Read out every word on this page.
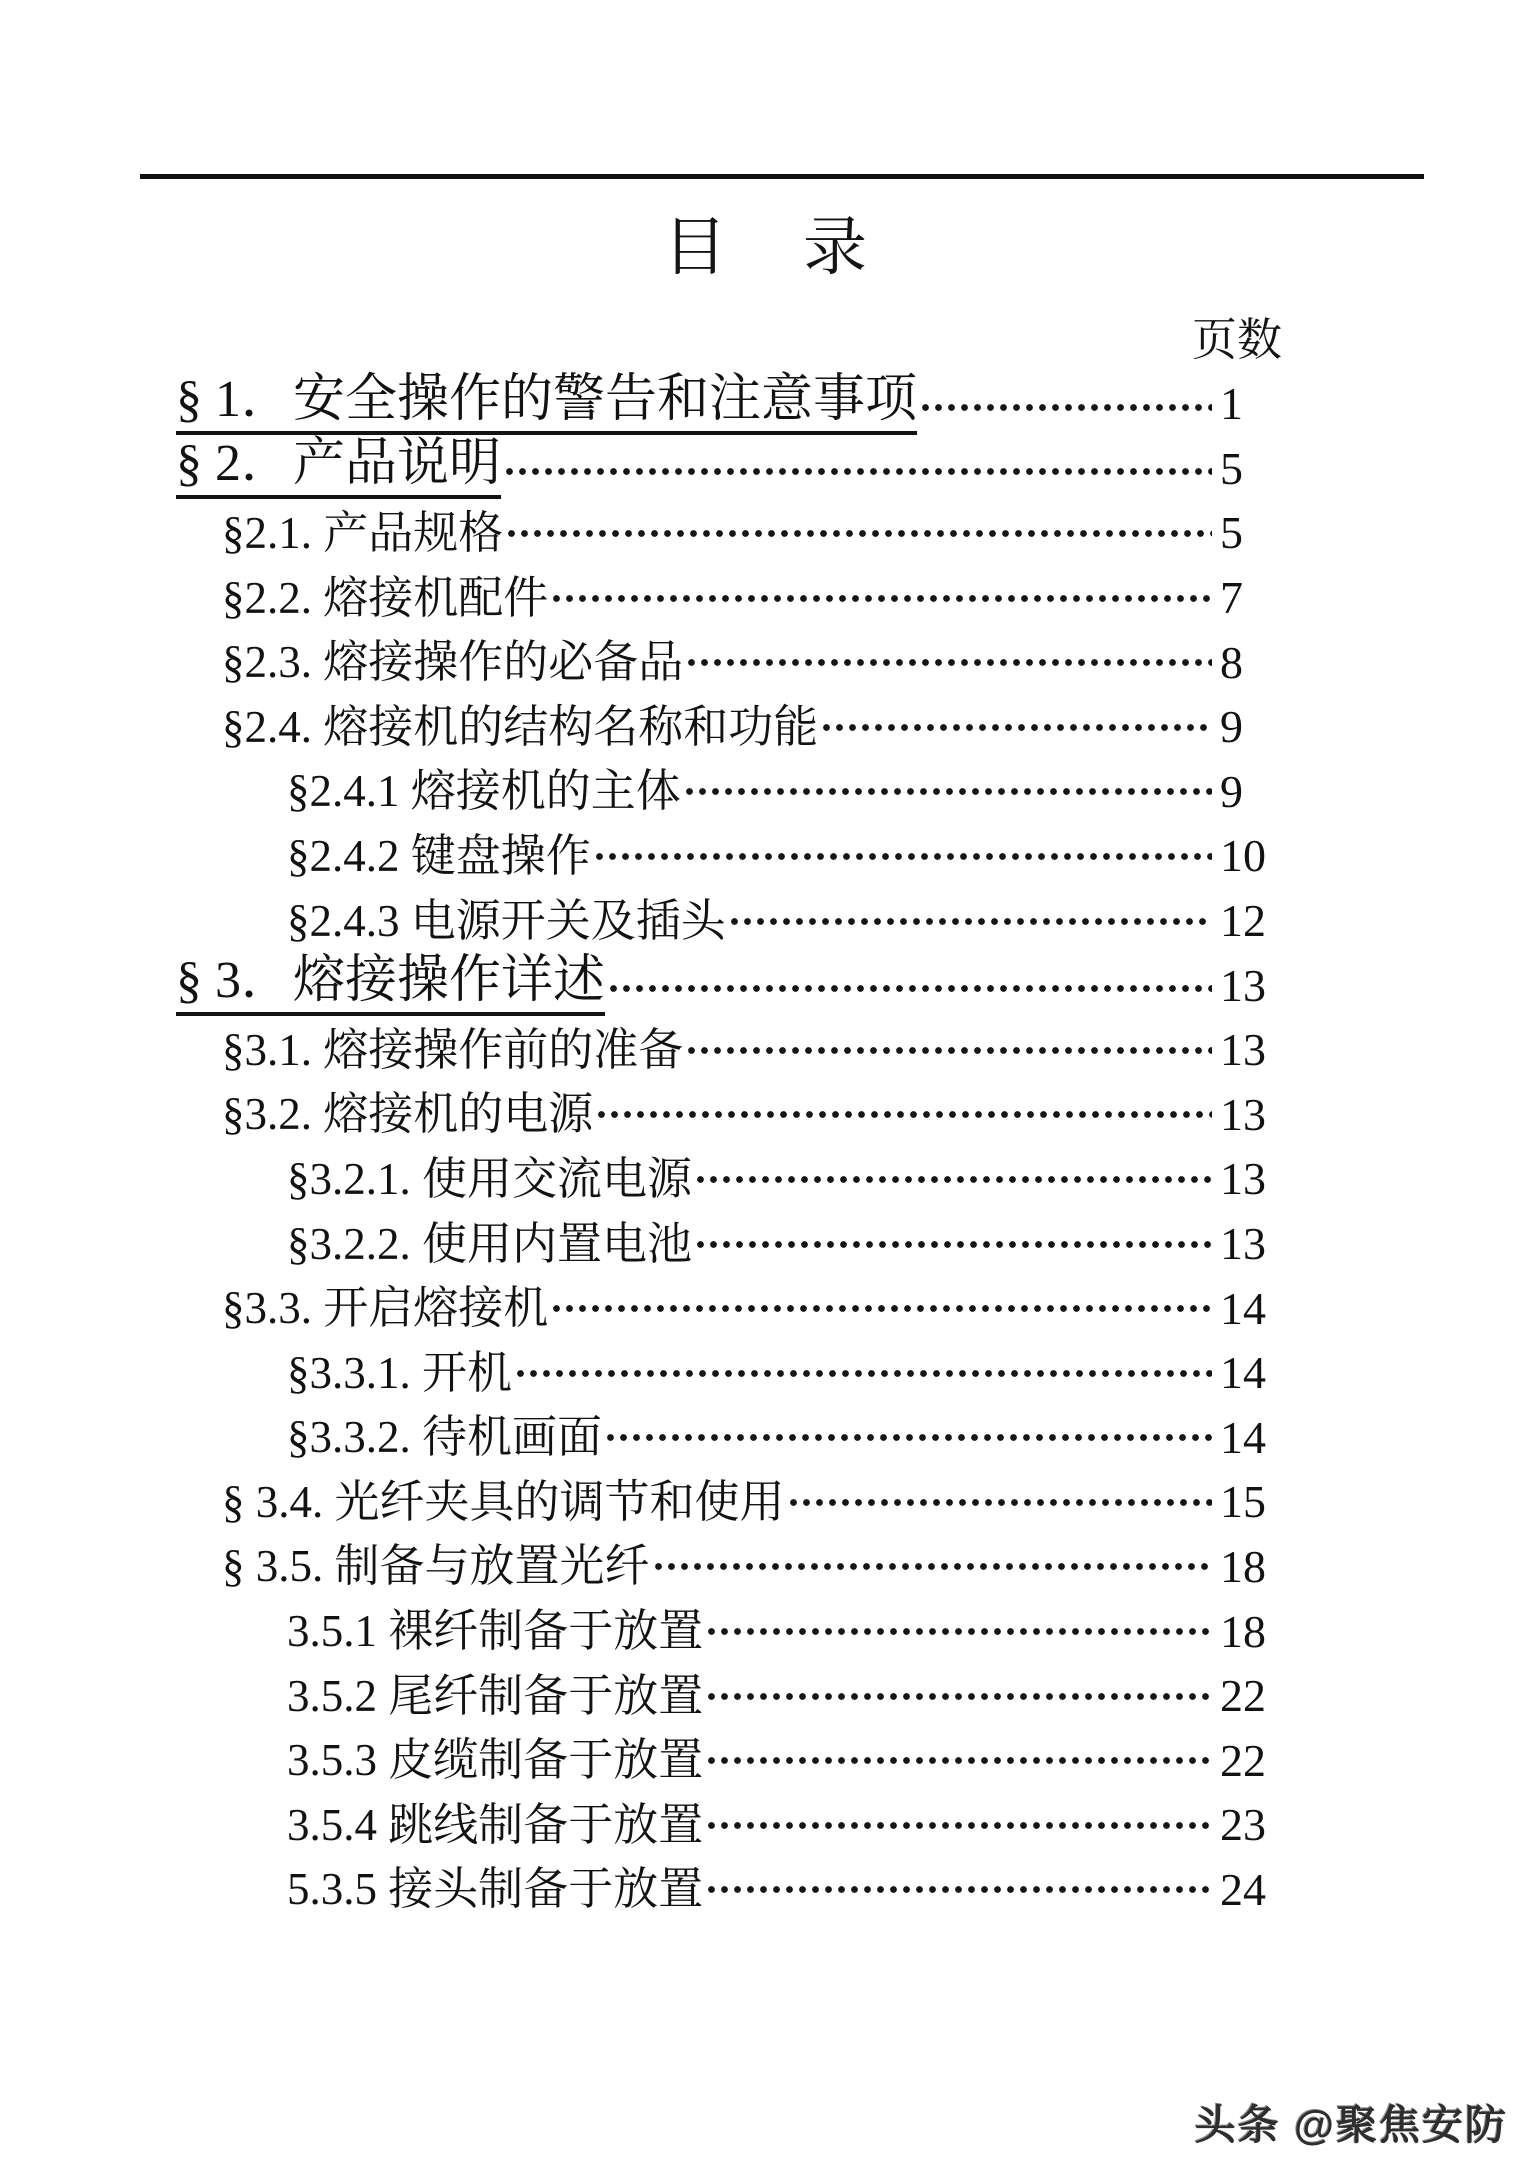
目　录
页数
§ 1．安全操作的警告和注意事项	1
§ 2．产品说明	5
§2.1. 产品规格	5
§2.2. 熔接机配件	7
§2.3. 熔接操作的必备品	8
§2.4. 熔接机的结构名称和功能	9
§2.4.1 熔接机的主体	9
§2.4.2 键盘操作	10
§2.4.3 电源开关及插头	12
§ 3．熔接操作详述	13
§3.1. 熔接操作前的准备	13
§3.2. 熔接机的电源	13
§3.2.1. 使用交流电源	13
§3.2.2. 使用内置电池	13
§3.3. 开启熔接机	14
§3.3.1. 开机	14
§3.3.2. 待机画面	14
§ 3.4. 光纤夹具的调节和使用	15
§ 3.5. 制备与放置光纤	18
3.5.1 裸纤制备于放置	18
3.5.2 尾纤制备于放置	22
3.5.3 皮缆制备于放置	22
3.5.4 跳线制备于放置	23
5.3.5 接头制备于放置	24
头条 @聚焦安防
